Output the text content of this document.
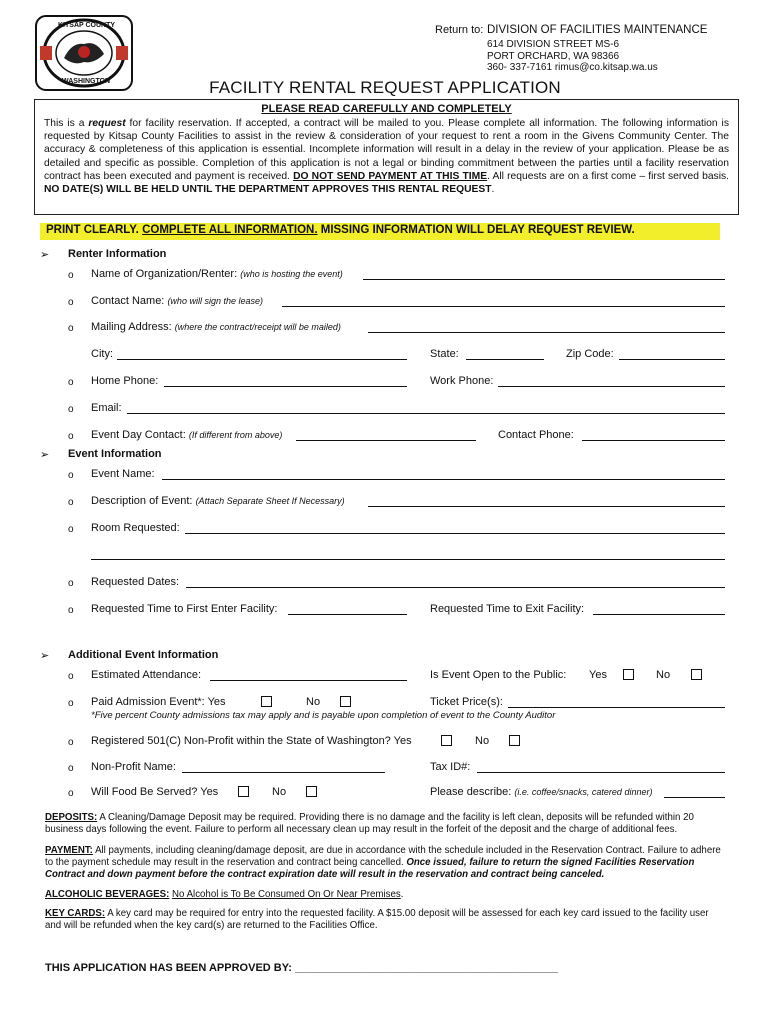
KITSAP COUNTY
WASHINGTON
Return to: DIVISION OF FACILITIES MAINTENANCE
614 DIVISION STREET MS-6
PORT ORCHARD, WA 98366
360- 337-7161 rimus@co.kitsap.wa.us
FACILITY RENTAL REQUEST APPLICATION
PLEASE READ CAREFULLY AND COMPLETELY
This is a request for facility reservation. If accepted, a contract will be mailed to you. Please complete all information. The following information is requested by Kitsap County Facilities to assist in the review & consideration of your request to rent a room in the Givens Community Center. The accuracy & completeness of this application is essential. Incomplete information will result in a delay in the review of your application. Please be as detailed and specific as possible. Completion of this application is not a legal or binding commitment between the parties until a facility reservation contract has been executed and payment is received. DO NOT SEND PAYMENT AT THIS TIME. All requests are on a first come – first served basis. NO DATE(S) WILL BE HELD UNTIL THE DEPARTMENT APPROVES THIS RENTAL REQUEST.
PRINT CLEARLY. COMPLETE ALL INFORMATION. MISSING INFORMATION WILL DELAY REQUEST REVIEW.
➢ Renter Information
o Name of Organization/Renter: (who is hosting the event)
o Contact Name: (who will sign the lease)
o Mailing Address: (where the contract/receipt will be mailed)
City:	State:	Zip Code:
o Home Phone:	Work Phone:
o Email:
o Event Day Contact: (If different from above)	Contact Phone:
➢ Event Information
o Event Name:
o Description of Event: (Attach Separate Sheet If Necessary)
o Room Requested:
o Requested Dates:
o Requested Time to First Enter Facility:	Requested Time to Exit Facility:
➢ Additional Event Information
o Estimated Attendance:	Is Event Open to the Public: Yes	No
o Paid Admission Event*: Yes	No	Ticket Price(s):
*Five percent County admissions tax may apply and is payable upon completion of event to the County Auditor
o Registered 501(C) Non-Profit within the State of Washington? Yes	No
o Non-Profit Name:	Tax ID#:
o Will Food Be Served? Yes	No	Please describe: (i.e. coffee/snacks, catered dinner)
DEPOSITS: A Cleaning/Damage Deposit may be required. Providing there is no damage and the facility is left clean, deposits will be refunded within 20 business days following the event. Failure to perform all necessary clean up may result in the forfeit of the deposit and the charge of additional fees.
PAYMENT: All payments, including cleaning/damage deposit, are due in accordance with the schedule included in the Reservation Contract. Failure to adhere to the payment schedule may result in the reservation and contract being cancelled. Once issued, failure to return the signed Facilities Reservation Contract and down payment before the contract expiration date will result in the reservation and contract being canceled.
ALCOHOLIC BEVERAGES: No Alcohol is To Be Consumed On Or Near Premises.
KEY CARDS: A key card may be required for entry into the requested facility. A $15.00 deposit will be assessed for each key card issued to the facility user and will be refunded when the key card(s) are returned to the Facilities Office.
THIS APPLICATION HAS BEEN APPROVED BY: ___________________________________________
